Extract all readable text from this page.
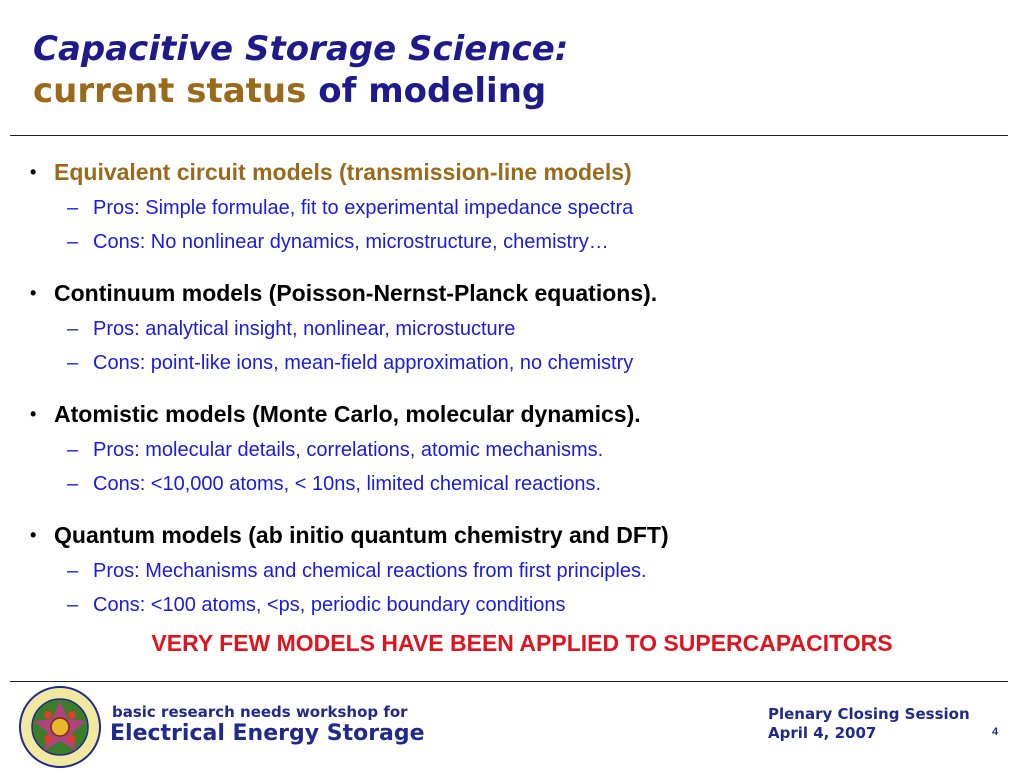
Capacitive Storage Science:
current status of modeling
• Equivalent circuit models (transmission-line models)
– Pros: Simple formulae, fit to experimental impedance spectra
– Cons: No nonlinear dynamics, microstructure, chemistry…
• Continuum models (Poisson-Nernst-Planck equations).
– Pros: analytical insight, nonlinear, microstucture
– Cons: point-like ions, mean-field approximation, no chemistry
• Atomistic models (Monte Carlo, molecular dynamics).
– Pros: molecular details, correlations, atomic mechanisms.
– Cons: <10,000 atoms, < 10ns, limited chemical reactions.
• Quantum models (ab initio quantum chemistry and DFT)
– Pros: Mechanisms and chemical reactions from first principles.
– Cons: <100 atoms, <ps, periodic boundary conditions
VERY FEW MODELS HAVE BEEN APPLIED TO SUPERCAPACITORS
basic research needs workshop for
Electrical Energy Storage
Plenary Closing Session
April 4, 2007	4
